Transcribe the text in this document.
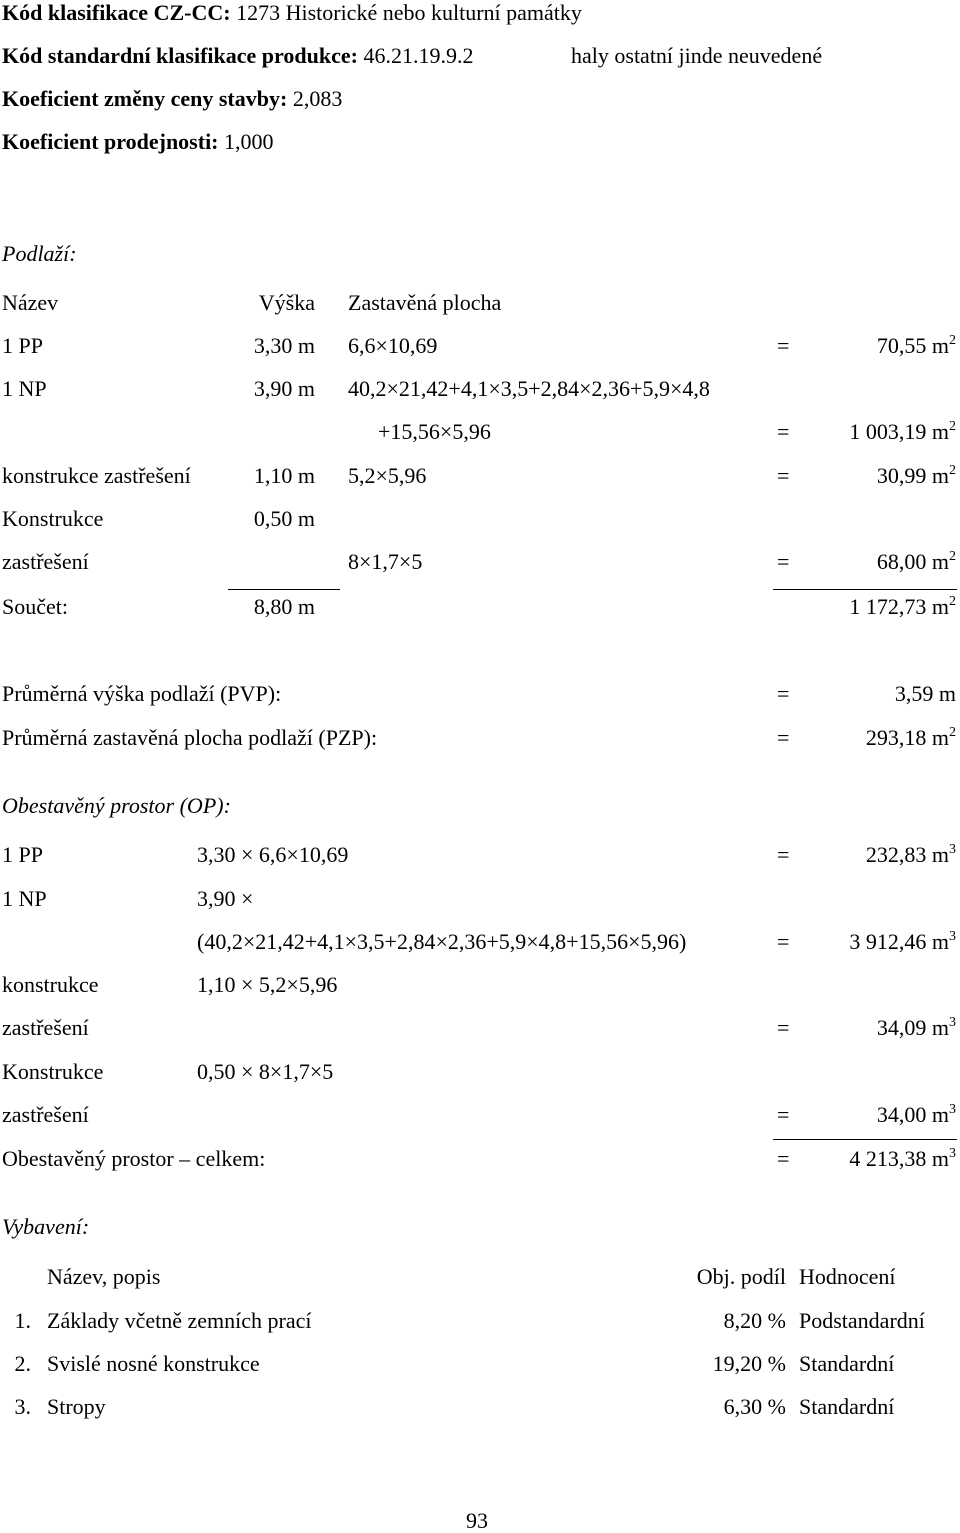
Kód klasifikace CZ-CC: 1273 Historické nebo kulturní památky
Kód standardní klasifikace produkce: 46.21.19.9.2	haly ostatní jinde neuvedené
Koeficient změny ceny stavby: 2,083
Koeficient prodejnosti: 1,000
Podlaží:
Název	Výška Zastavěná plocha
1 PP	3,30 m 6,6×10,69	=	70,55 $m^2$
1 NP	3,90 m 40,2×21,42+4,1×3,5+2,84×2,36+5,9×4,8
+15,56×5,96	=	1 003,19 $m^2$
konstrukce zastřešení	1,10 m 5,2×5,96	=	30,99 $m^2$
Konstrukce	0,50 m
zastřešení	8×1,7×5	=	68,00 $m^2$
Součet:	8,80 m	1 172,73 $m^2$
Průměrná výška podlaží (PVP):	=	3,59 m
Průměrná zastavěná plocha podlaží (PZP):	=	293,18 $m^2$
Obestavěný prostor (OP):
1 PP	3,30 × 6,6×10,69	=	232,83 $m^3$
1 NP	3,90 ×
(40,2×21,42+4,1×3,5+2,84×2,36+5,9×4,8+15,56×5,96)	=	3 912,46 $m^3$
konstrukce	1,10 × 5,2×5,96
zastřešení	=	34,09 $m^3$
Konstrukce	0,50 × 8×1,7×5
zastřešení	=	34,00 $m^3$
Obestavěný prostor – celkem:	=	4 213,38 $m^3$
Vybavení:
Název, popis	Obj. podíl Hodnocení
1. Základy včetně zemních prací	8,20 % Podstandardní
2. Svislé nosné konstrukce	19,20 % Standardní
3. Stropy	6,30 % Standardní
93
